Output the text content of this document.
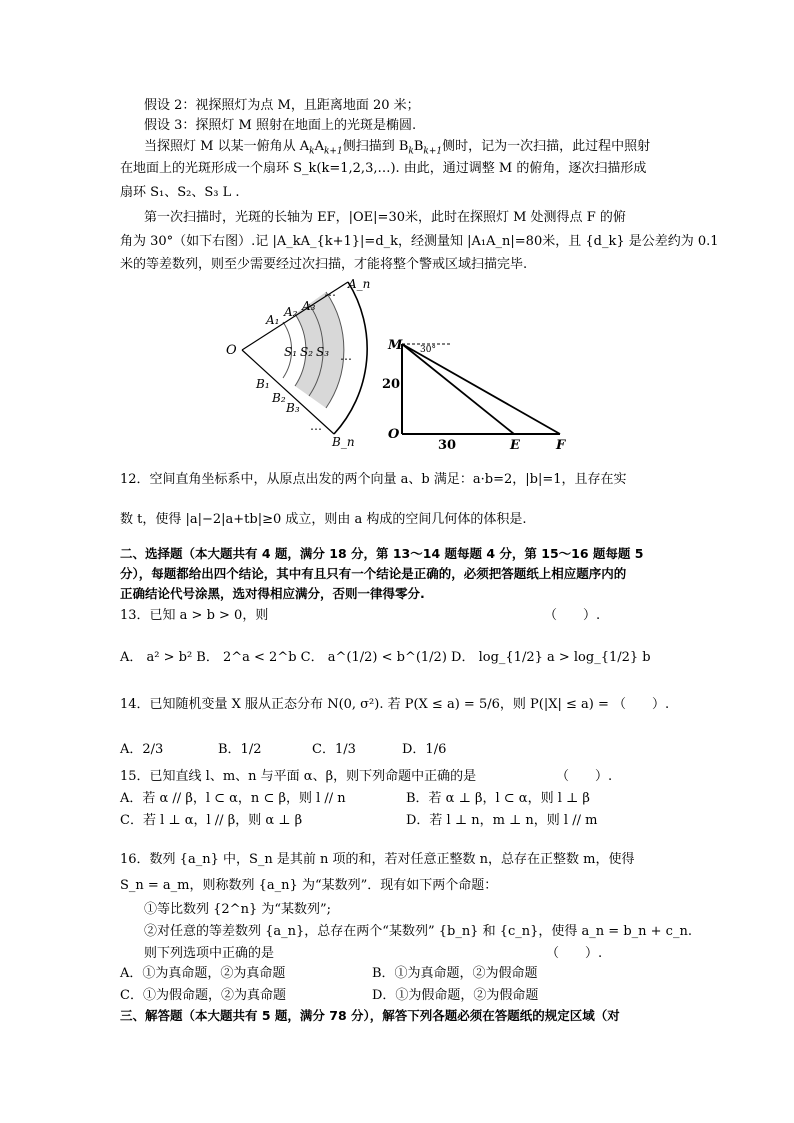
假设 2：视探照灯为点 M，且距离地面 20 米；
假设 3：探照灯 M 照射在地面上的光斑是椭圆.
当探照灯 M 以某一俯角从 $A_kA_{k+1}$侧扫描到 $B_kB_{k+1}$侧时，记为一次扫描，此过程中照射
在地面上的光斑形成一个扇环 S_k(k=1,2,3,…). 由此，通过调整 M 的俯角，逐次扫描形成
扇环 S₁、S₂、S₃ L .
第一次扫描时，光斑的长轴为 EF，|OE|=30米，此时在探照灯 M 处测得点 F 的俯
角为 30°（如下右图）.记 |A_kA_{k+1}|=d_k，经测量知 |A₁A_n|=80米，且 {d_k} 是公差约为 0.1
米的等差数列，则至少需要经过次扫描，才能将整个警戒区域扫描完毕.
O
A₁
A₂ A₃
A_n
…
S₁ S₂ S₃ …
B₁
B₂
B₃
…
B_n
M 30°
20
O
30	E	F
12．空间直角坐标系中，从原点出发的两个向量 a、b 满足：a·b=2，|b|=1，且存在实
数 t，使得 |a|−2|a+tb|≥0 成立，则由 a 构成的空间几何体的体积是.
二、选择题（本大题共有 4 题，满分 18 分，第 13～14 题每题 4 分，第 15～16 题每题 5
分），每题都给出四个结论，其中有且只有一个结论是正确的，必须把答题纸上相应题序内的
正确结论代号涂黑，选对得相应满分，否则一律得零分.
13．已知 a > b > 0，则	（　　）.
A． a² > b² B． 2^a < 2^b C． a^(1/2) < b^(1/2) D． log_{1/2} a > log_{1/2} b
14．已知随机变量 X 服从正态分布 N(0, σ²). 若 P(X ≤ a) = 5/6，则 P(|X| ≤ a) = （　　）.
A．2/3	B．1/2	C．1/3	D．1/6
15．已知直线 l、m、n 与平面 α、β，则下列命题中正确的是	（　　）.
A．若 α // β，l ⊂ α，n ⊂ β，则 l // n	B．若 α ⊥ β，l ⊂ α，则 l ⊥ β
C．若 l ⊥ α，l // β，则 α ⊥ β	D．若 l ⊥ n，m ⊥ n，则 l // m
16．数列 {a_n} 中，S_n 是其前 n 项的和，若对任意正整数 n，总存在正整数 m，使得
S_n = a_m，则称数列 {a_n} 为“某数列”．现有如下两个命题：
①等比数列 {2^n} 为“某数列”;
②对任意的等差数列 {a_n}，总存在两个“某数列” {b_n} 和 {c_n}，使得 a_n = b_n + c_n.
则下列选项中正确的是	（　　）.
A．①为真命题，②为真命题	B．①为真命题，②为假命题
C．①为假命题，②为真命题	D．①为假命题，②为假命题
三、解答题（本大题共有 5 题，满分 78 分），解答下列各题必须在答题纸的规定区域（对
